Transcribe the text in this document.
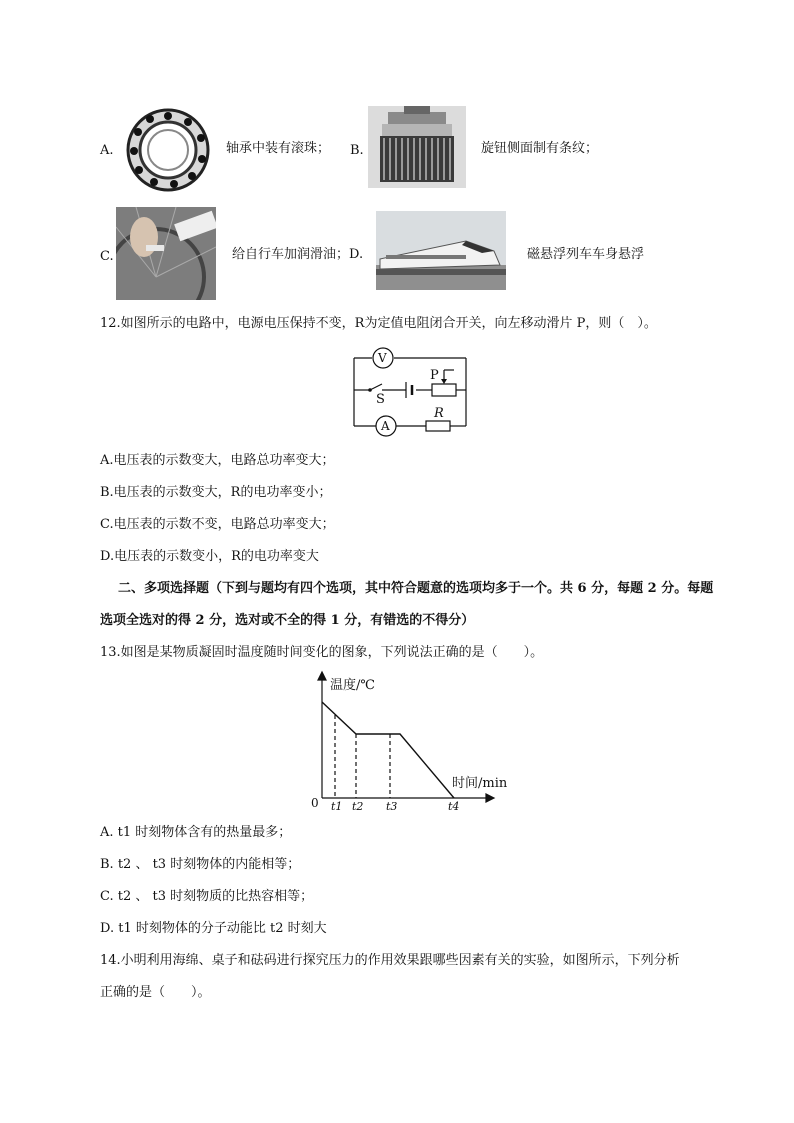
A.	轴承中装有滚珠； B.	旋钮侧面制有条纹；
C.	给自行车加润滑油；D.	磁悬浮列车车身悬浮
12.如图所示的电路中，电源电压保持不变，R为定值电阻闭合开关，向左移动滑片 P，则（　）。
V
A
S
P
R
A.电压表的示数变大，电路总功率变大；
B.电压表的示数变大，R的电功率变小；
C.电压表的示数不变，电路总功率变大；
D.电压表的示数变小，R的电功率变大
二、多项选择题（下到与题均有四个选项，其中符合题意的选项均多于一个。共 6 分，每题 2 分。每题
选项全选对的得 2 分，选对或不全的得 1 分，有错选的不得分）
13.如图是某物质凝固时温度随时间变化的图象，下列说法正确的是（　　）。
温度/℃
时间/min
0 t1 t2 t3	t4
A. t1 时刻物体含有的热量最多；
B. t2 、 t3 时刻物体的内能相等；
C. t2 、 t3 时刻物质的比热容相等；
D. t1 时刻物体的分子动能比 t2 时刻大
14.小明利用海绵、桌子和砝码进行探究压力的作用效果跟哪些因素有关的实验，如图所示，下列分析
正确的是（　　）。
